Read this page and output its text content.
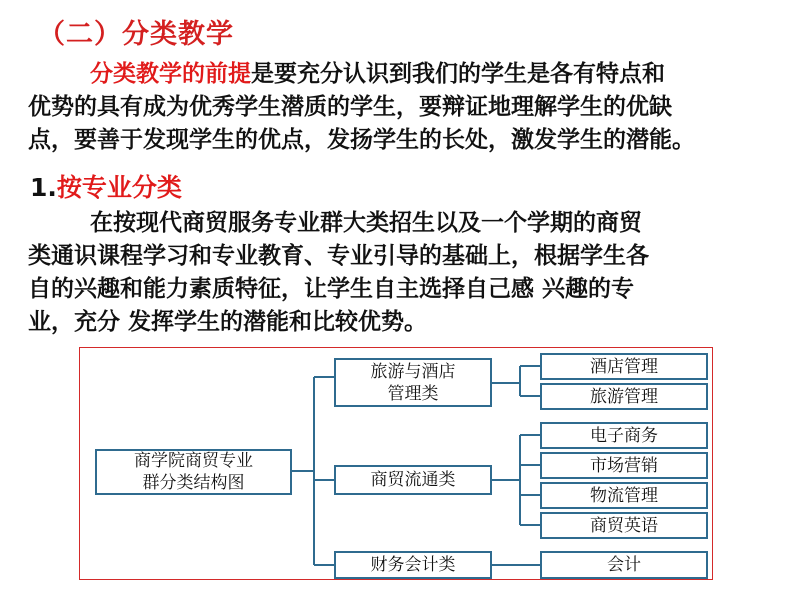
（二）分类教学
分类教学的前提是要充分认识到我们的学生是各有特点和
优势的具有成为优秀学生潜质的学生，要辩证地理解学生的优缺
点，要善于发现学生的优点，发扬学生的长处，激发学生的潜能。
1.按专业分类
在按现代商贸服务专业群大类招生以及一个学期的商贸
类通识课程学习和专业教育、专业引导的基础上，根据学生各
自的兴趣和能力素质特征，让学生自主选择自己感 兴趣的专
业，充分 发挥学生的潜能和比较优势。
商学院商贸专业
群分类结构图
旅游与酒店
管理类
商贸流通类
财务会计类
酒店管理
旅游管理
电子商务
市场营销
物流管理
商贸英语
会计
